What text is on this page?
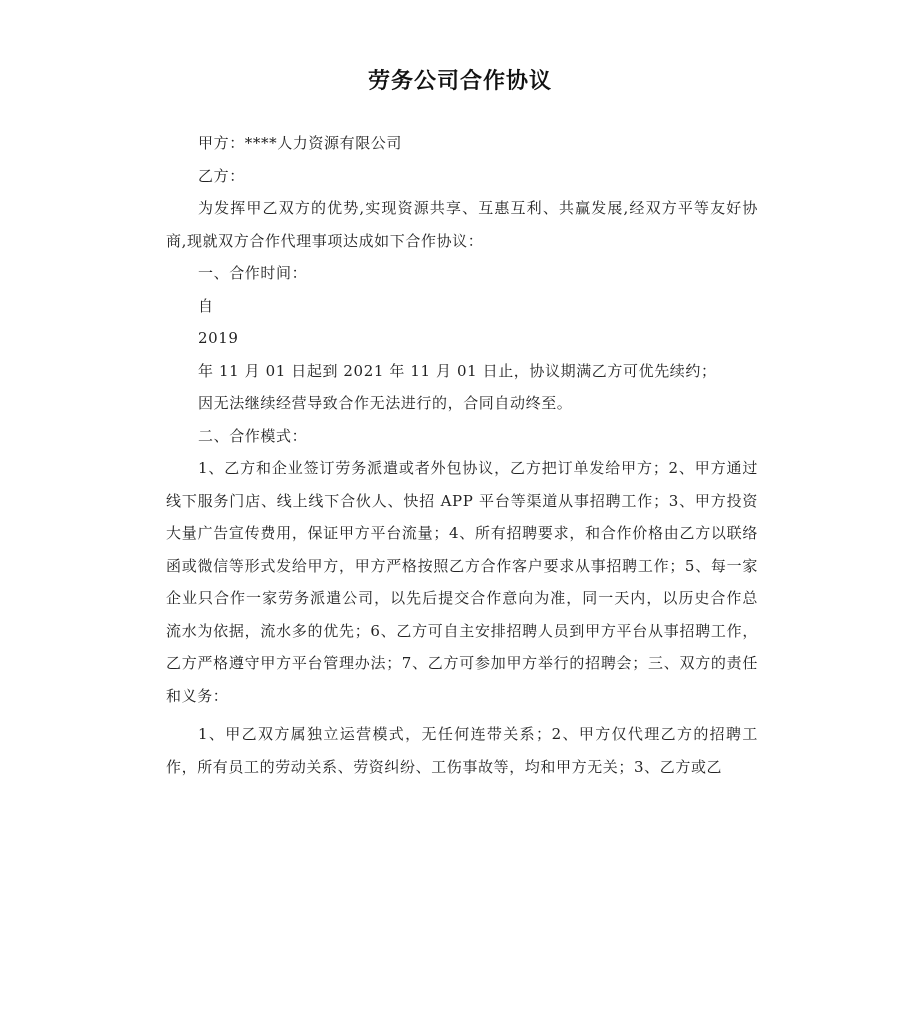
劳务公司合作协议

甲方：****人力资源有限公司

乙方：

为发挥甲乙双方的优势,实现资源共享、互惠互利、共赢发展,经双方平等友好协商,现就双方合作代理事项达成如下合作协议：

一、合作时间：

自

2019

年 11 月 01 日起到 2021 年 11 月 01 日止，协议期满乙方可优先续约；

因无法继续经营导致合作无法进行的，合同自动终至。

二、合作模式：

1、乙方和企业签订劳务派遣或者外包协议，乙方把订单发给甲方；2、甲方通过线下服务门店、线上线下合伙人、快招 APP 平台等渠道从事招聘工作；3、甲方投资大量广告宣传费用，保证甲方平台流量；4、所有招聘要求，和合作价格由乙方以联络函或微信等形式发给甲方，甲方严格按照乙方合作客户要求从事招聘工作；5、每一家企业只合作一家劳务派遣公司，以先后提交合作意向为准，同一天内，以历史合作总流水为依据，流水多的优先；6、乙方可自主安排招聘人员到甲方平台从事招聘工作，乙方严格遵守甲方平台管理办法；7、乙方可参加甲方举行的招聘会；三、双方的责任和义务：

1、甲乙双方属独立运营模式，无任何连带关系；2、甲方仅代理乙方的招聘工作，所有员工的劳动关系、劳资纠纷、工伤事故等，均和甲方无关；3、乙方或乙
